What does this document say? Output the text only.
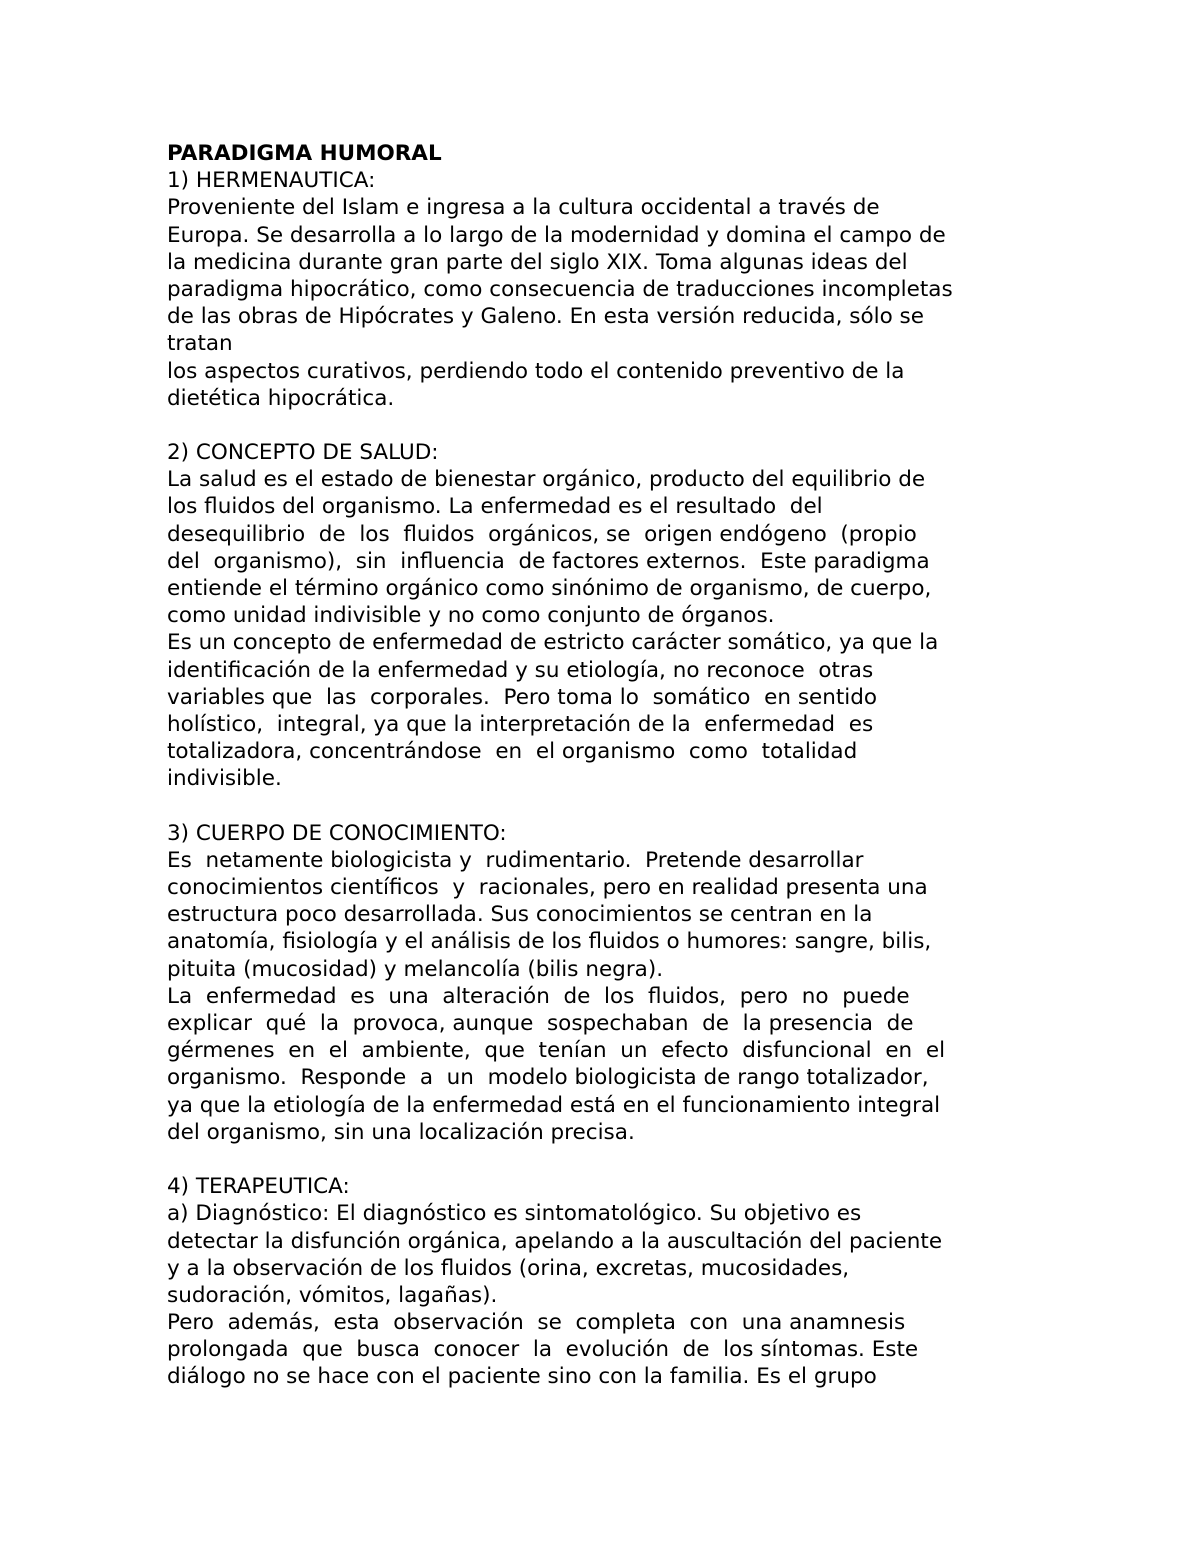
PARADIGMA HUMORAL
1) HERMENAUTICA:
Proveniente del Islam e ingresa a la cultura occidental a través de
Europa. Se desarrolla a lo largo de la modernidad y domina el campo de
la medicina durante gran parte del siglo XIX. Toma algunas ideas del
paradigma hipocrático, como consecuencia de traducciones incompletas
de las obras de Hipócrates y Galeno. En esta versión reducida, sólo se
tratan
los aspectos curativos, perdiendo todo el contenido preventivo de la
dietética hipocrática.
2) CONCEPTO DE SALUD:
La salud es el estado de bienestar orgánico, producto del equilibrio de
los fluidos del organismo. La enfermedad es el resultado  del
desequilibrio  de  los  fluidos  orgánicos, se  origen endógeno  (propio
del  organismo),  sin  influencia  de factores externos.  Este paradigma
entiende el término orgánico como sinónimo de organismo, de cuerpo,
como unidad indivisible y no como conjunto de órganos.
Es un concepto de enfermedad de estricto carácter somático, ya que la
identificación de la enfermedad y su etiología, no reconoce  otras
variables que  las  corporales.  Pero toma lo  somático  en sentido
holístico,  integral, ya que la interpretación de la  enfermedad  es
totalizadora, concentrándose  en  el organismo  como  totalidad
indivisible.
3) CUERPO DE CONOCIMIENTO:
Es  netamente biologicista y  rudimentario.  Pretende desarrollar
conocimientos científicos  y  racionales, pero en realidad presenta una
estructura poco desarrollada. Sus conocimientos se centran en la
anatomía, fisiología y el análisis de los fluidos o humores: sangre, bilis,
pituita (mucosidad) y melancolía (bilis negra).
La  enfermedad  es  una  alteración  de  los  fluidos,  pero  no  puede
explicar  qué  la  provoca, aunque  sospechaban  de  la presencia  de
gérmenes  en  el  ambiente,  que  tenían  un  efecto  disfuncional  en  el
organismo.  Responde  a  un  modelo biologicista de rango totalizador,
ya que la etiología de la enfermedad está en el funcionamiento integral
del organismo, sin una localización precisa.
4) TERAPEUTICA:
a) Diagnóstico: El diagnóstico es sintomatológico. Su objetivo es
detectar la disfunción orgánica, apelando a la auscultación del paciente
y a la observación de los fluidos (orina, excretas, mucosidades,
sudoración, vómitos, lagañas).
Pero  además,  esta  observación  se  completa  con  una anamnesis
prolongada  que  busca  conocer  la  evolución  de  los síntomas. Este
diálogo no se hace con el paciente sino con la familia. Es el grupo
